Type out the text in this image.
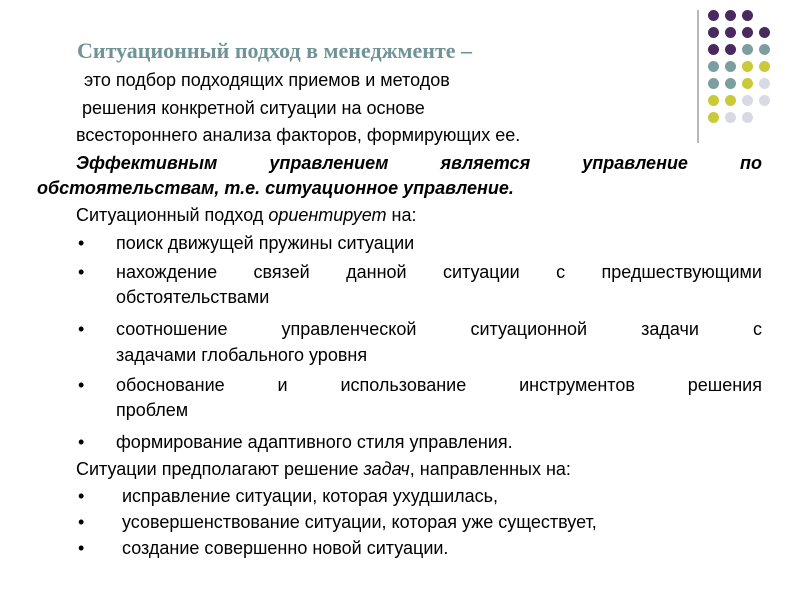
Ситуационный подход в менеджменте –
это подбор подходящих приемов и методов
решения конкретной ситуации на основе
всестороннего анализа факторов, формирующих ее.
Эффективным управлением является управление по
обстоятельствам, т.е. ситуационное управление.
Ситуационный подход ориентирует на:
• поиск движущей пружины ситуации
• нахождение связей данной ситуации с предшествующими
обстоятельствами
• соотношение управленческой ситуационной задачи с
задачами глобального уровня
• обоснование и использование инструментов решения
проблем
• формирование адаптивного стиля управления.
Ситуации предполагают решение задач, направленных на:
• исправление ситуации, которая ухудшилась,
• усовершенствование ситуации, которая уже существует,
• создание совершенно новой ситуации.
